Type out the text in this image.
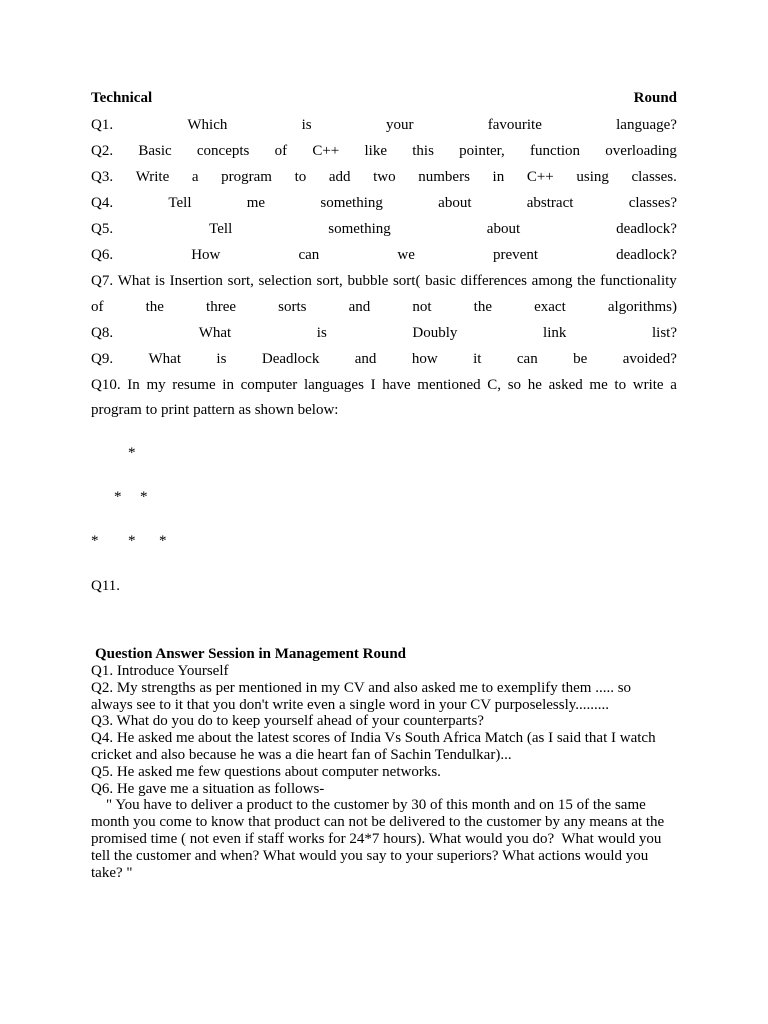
Technical	Round
Q1.	Which	is	your	favourite	language?
Q2. Basic concepts of C++ like this pointer, function overloading
Q3. Write a program to add two numbers in C++ using classes.
Q4.	Tell	me	something	about	abstract	classes?
Q5.	Tell	something	about	deadlock?
Q6.	How	can	we	prevent	deadlock?
Q7. What is Insertion sort, selection sort, bubble sort( basic differences among the functionality
of	the	three	sorts	and	not	the	exact	algorithms)
Q8.	What	is	Doubly	link	list?
Q9. What is Deadlock and how it can be avoided?
Q10. In my resume in computer languages I have mentioned C, so he asked me to write a
program to print pattern as shown below:
*
* *
* * *
Q11.
Question Answer Session in Management Round
Q1. Introduce Yourself
Q2. My strengths as per mentioned in my CV and also asked me to exemplify them ..... so
always see to it that you don't write even a single word in your CV purposelessly.........
Q3. What do you do to keep yourself ahead of your counterparts?
Q4. He asked me about the latest scores of India Vs South Africa Match (as I said that I watch
cricket and also because he was a die heart fan of Sachin Tendulkar)...
Q5. He asked me few questions about computer networks.
Q6. He gave me a situation as follows-
" You have to deliver a product to the customer by 30 of this month and on 15 of the same
month you come to know that product can not be delivered to the customer by any means at the
promised time ( not even if staff works for 24*7 hours). What would you do?  What would you
tell the customer and when? What would you say to your superiors? What actions would you
take? "
